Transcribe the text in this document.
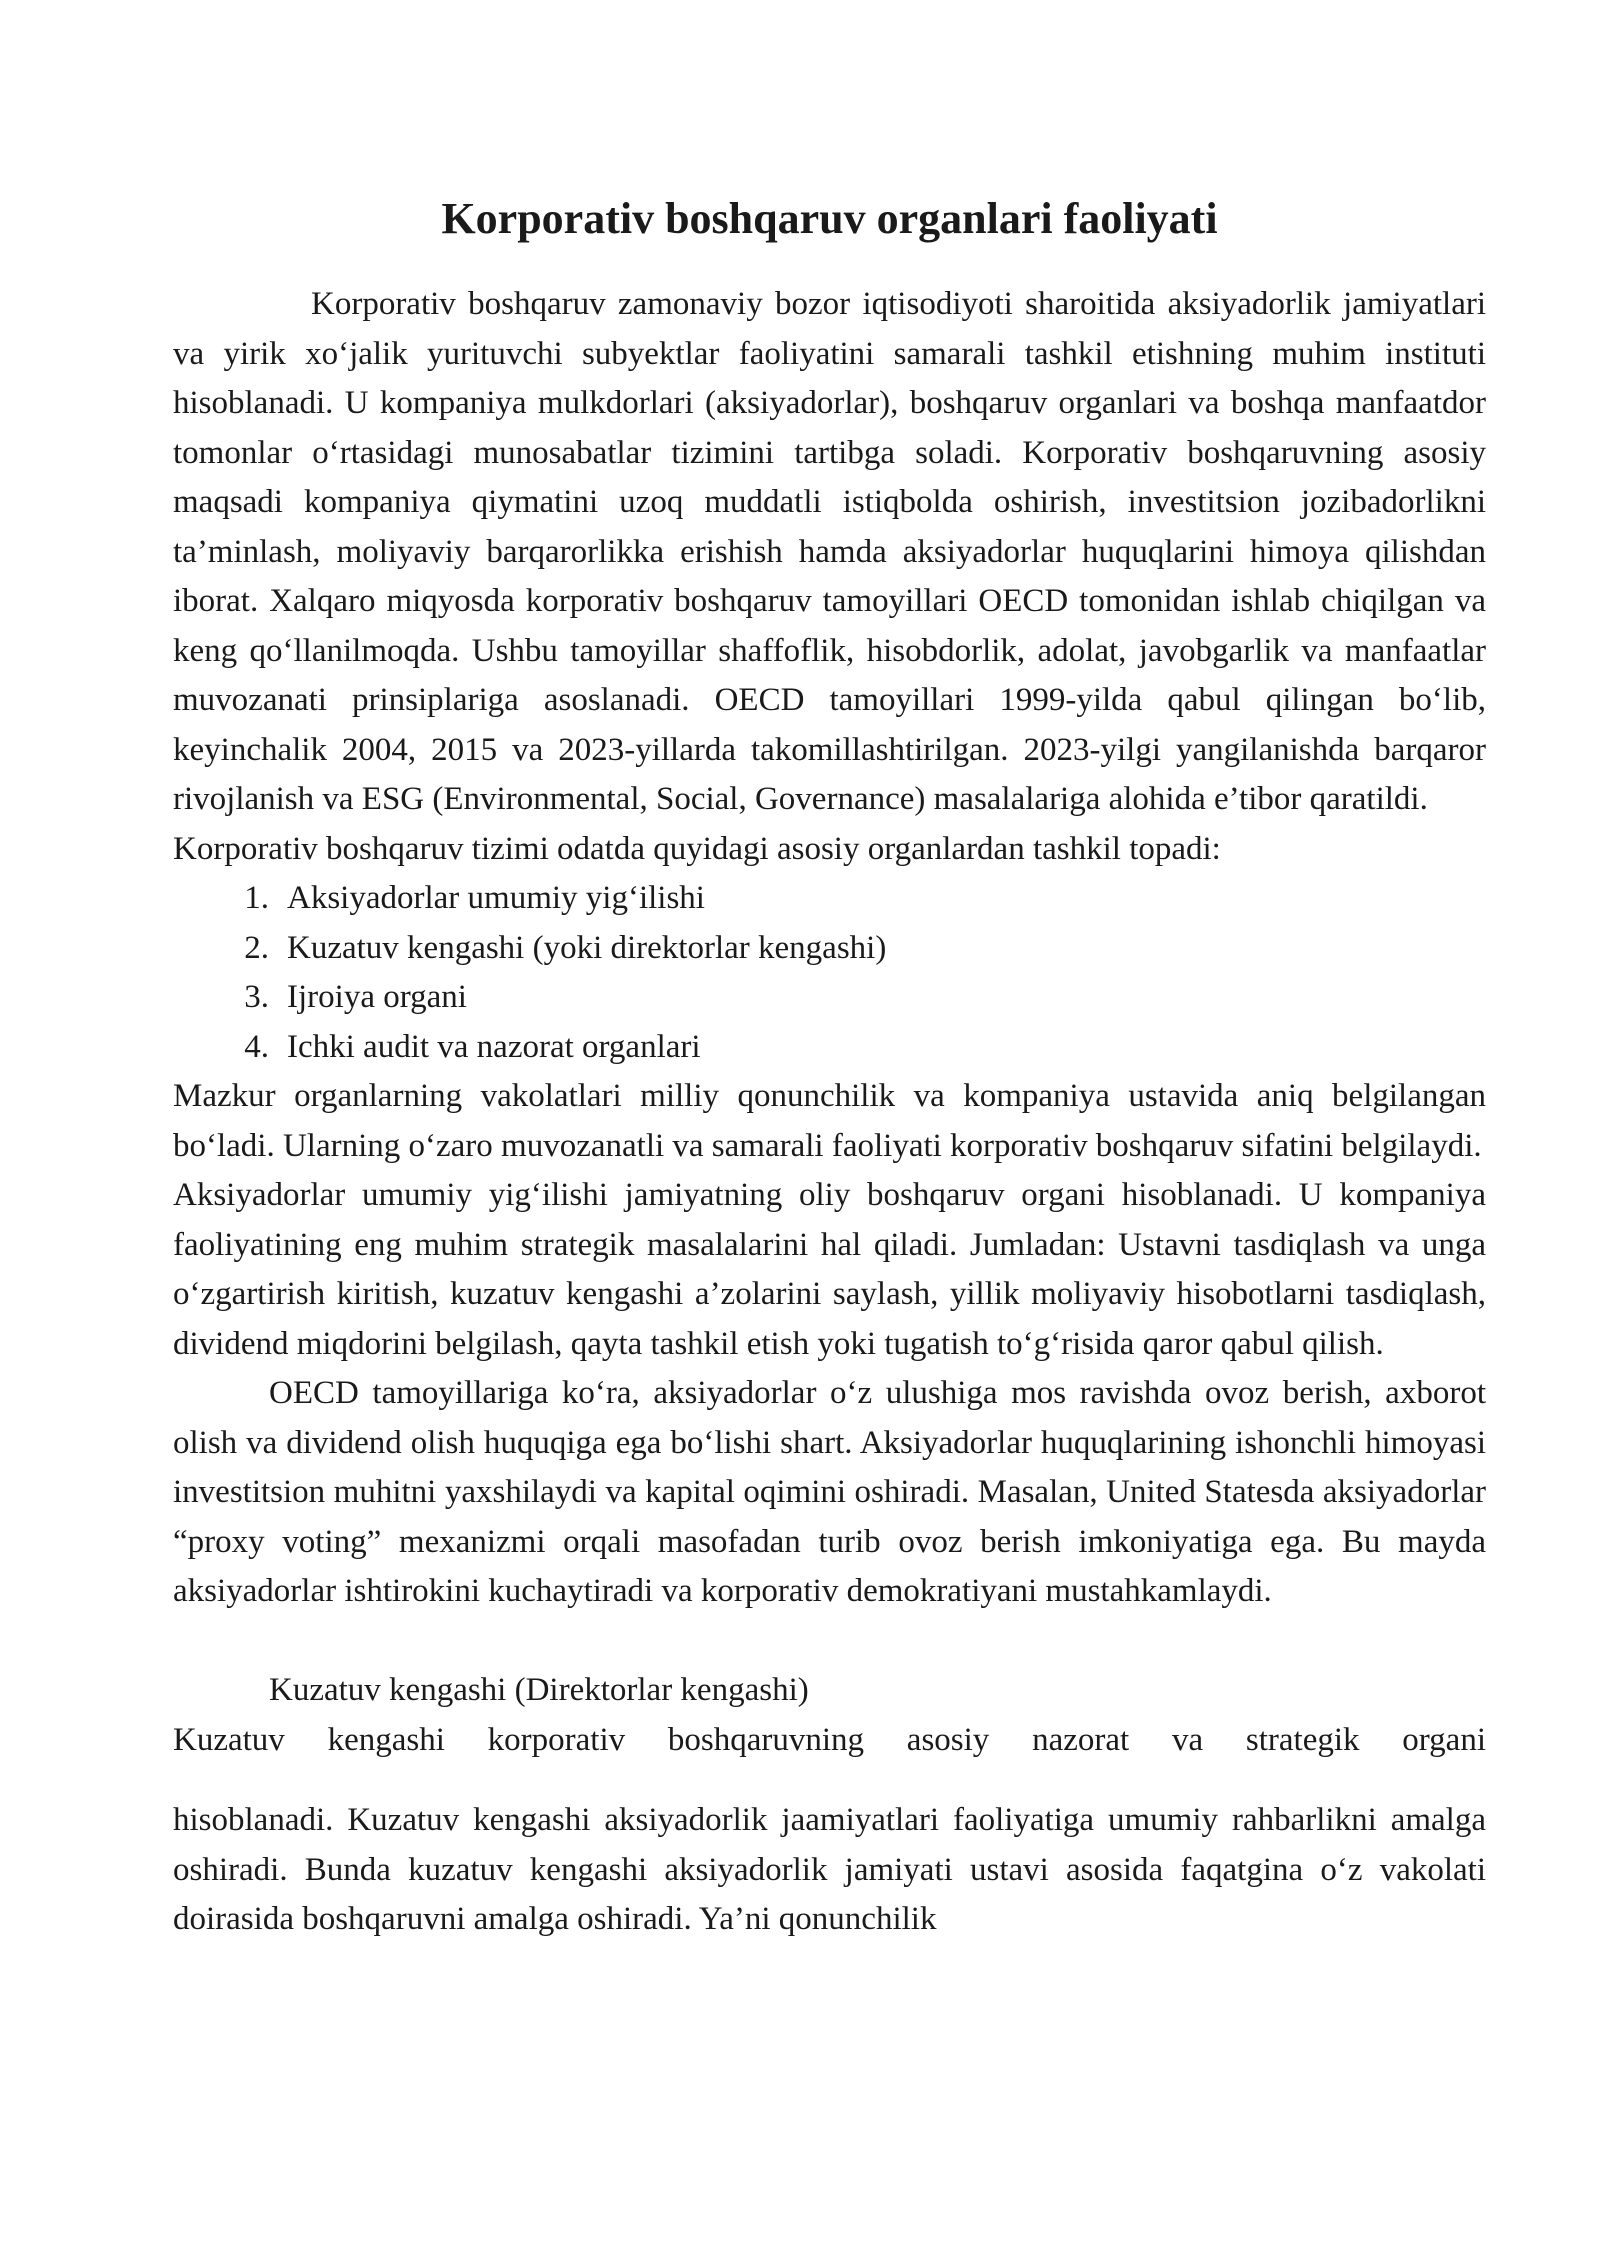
Korporativ boshqaruv organlari faoliyati

Korporativ boshqaruv zamonaviy bozor iqtisodiyoti sharoitida aksiyadorlik jamiyatlari va yirik xo‘jalik yurituvchi subyektlar faoliyatini samarali tashkil etishning muhim instituti hisoblanadi. U kompaniya mulkdorlari (aksiyadorlar), boshqaruv organlari va boshqa manfaatdor tomonlar o‘rtasidagi munosabatlar tizimini tartibga soladi. Korporativ boshqaruvning asosiy maqsadi kompaniya qiymatini uzoq muddatli istiqbolda oshirish, investitsion jozibadorlikni ta’minlash, moliyaviy barqarorlikka erishish hamda aksiyadorlar huquqlarini himoya qilishdan iborat. Xalqaro miqyosda korporativ boshqaruv tamoyillari OECD tomonidan ishlab chiqilgan va keng qo‘llanilmoqda. Ushbu tamoyillar shaffoflik, hisobdorlik, adolat, javobgarlik va manfaatlar muvozanati prinsiplariga asoslanadi. OECD tamoyillari 1999-yilda qabul qilingan bo‘lib, keyinchalik 2004, 2015 va 2023-yillarda takomillashtirilgan. 2023-yilgi yangilanishda barqaror rivojlanish va ESG (Environmental, Social, Governance) masalalariga alohida e’tibor qaratildi.

Korporativ boshqaruv tizimi odatda quyidagi asosiy organlardan tashkil topadi:

1. Aksiyadorlar umumiy yig‘ilishi
2. Kuzatuv kengashi (yoki direktorlar kengashi)
3. Ijroiya organi
4. Ichki audit va nazorat organlari

Mazkur organlarning vakolatlari milliy qonunchilik va kompaniya ustavida aniq belgilangan bo‘ladi. Ularning o‘zaro muvozanatli va samarali faoliyati korporativ boshqaruv sifatini belgilaydi.

Aksiyadorlar umumiy yig‘ilishi jamiyatning oliy boshqaruv organi hisoblanadi. U kompaniya faoliyatining eng muhim strategik masalalarini hal qiladi. Jumladan: Ustavni tasdiqlash va unga o‘zgartirish kiritish, kuzatuv kengashi a’zolarini saylash, yillik moliyaviy hisobotlarni tasdiqlash, dividend miqdorini belgilash, qayta tashkil etish yoki tugatish to‘g‘risida qaror qabul qilish.

OECD tamoyillariga ko‘ra, aksiyadorlar o‘z ulushiga mos ravishda ovoz berish, axborot olish va dividend olish huquqiga ega bo‘lishi shart. Aksiyadorlar huquqlarining ishonchli himoyasi investitsion muhitni yaxshilaydi va kapital oqimini oshiradi. Masalan, United Statesda aksiyadorlar “proxy voting” mexanizmi orqali masofadan turib ovoz berish imkoniyatiga ega. Bu mayda aksiyadorlar ishtirokini kuchaytiradi va korporativ demokratiyani mustahkamlaydi.

Kuzatuv kengashi (Direktorlar kengashi)

Kuzatuv kengashi korporativ boshqaruvning asosiy nazorat va strategik organi

hisoblanadi. Kuzatuv kengashi aksiyadorlik jaamiyatlari faoliyatiga umumiy rahbarlikni amalga oshiradi. Bunda kuzatuv kengashi aksiyadorlik jamiyati ustavi asosida faqatgina o‘z vakolati doirasida boshqaruvni amalga oshiradi. Ya’ni qonunchilik
